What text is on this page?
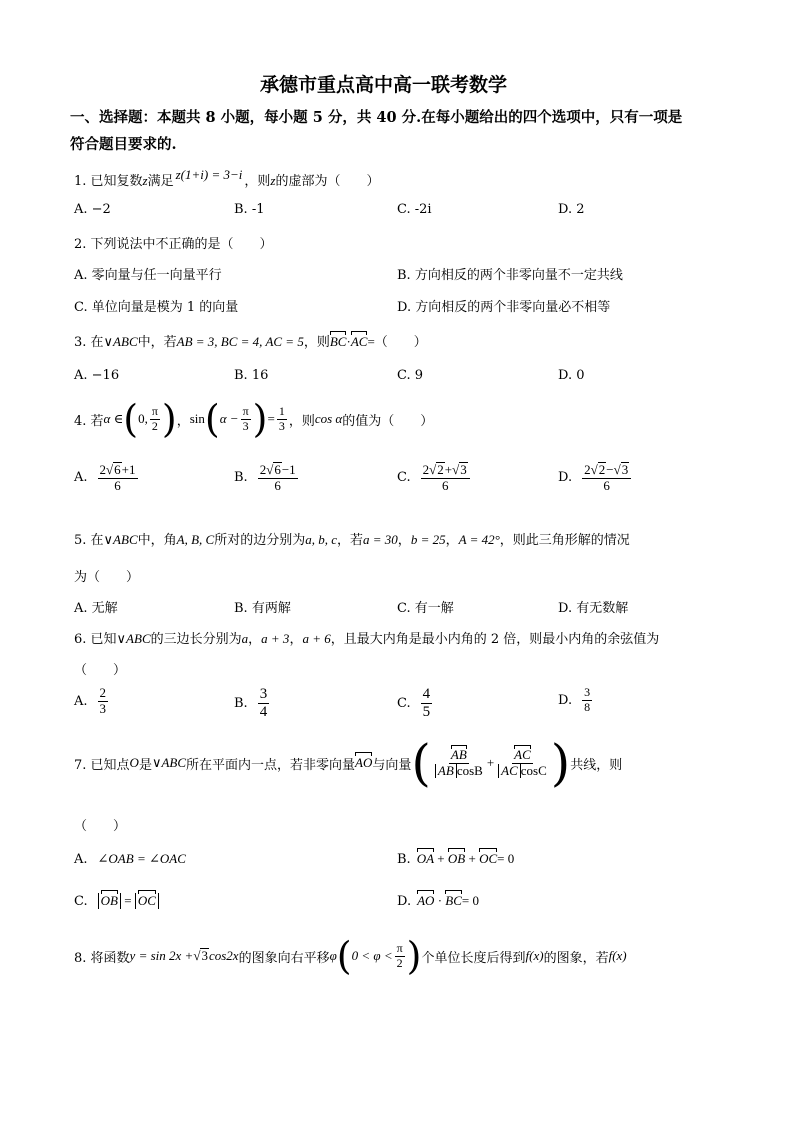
承德市重点高中高一联考数学
一、选择题：本题共 8 小题，每小题 5 分，共 40 分.在每小题给出的四个选项中，只有一项是
符合题目要求的.
1. 已知复数z满足 z(1+i) = 3−i ，则z的虚部为（　　）
A. −2	B. -1	C. -2i	D. 2
2. 下列说法中不正确的是（　　）
A. 零向量与任一向量平行	B. 方向相反的两个非零向量不一定共线
C. 单位向量是模为 1 的向量	D. 方向相反的两个非零向量必不相等
3. 在∨ABC中，若AB = 3, BC = 4, AC = 5，则BC·AC=（　　）
A. −16	B. 16	C. 9	D. 0
4. 若 α ∈ ( 0, $\frac{\pi}{2}$ ) ， sin ( $\alpha - \frac{\pi}{3}$ ) = $\frac{1}{3}$ ，则 cos α 的值为（　　）
A. $\frac{2√6+1}{6}$	B. $\frac{2√6-1}{6}$	C. $\frac{2√2+√3}{6}$	D. $\frac{2√2-√3}{6}$
5. 在∨ABC中，角A, B, C所对的边分别为a, b, c，若a = 30，b = 25，A = 42°，则此三角形解的情况
为（　　）
A. 无解	B. 有两解	C. 有一解	D. 有无数解
6. 已知∨ABC的三边长分别为a，a + 3，a + 6，且最大内角是最小内角的 2 倍，则最小内角的余弦值为
（　　）
A. $\frac{2}{3}$	B. $\frac{3}{4}$	C. $\frac{4}{5}$	D. $\frac{3}{8}$
7. 已知点 O 是 ∨ABC 所在平面内一点，若非零向量 AO 与向量 ( $\frac{AB}{\text{AB cosB}} + \frac{AC}{\text{AC cosC}}$ ) 共线，则
（　　）
A. ∠OAB = ∠OAC	B. OA + OB + OC= 0
C. OB = OC	D. AO · BC= 0
8. 将函数 y = sin 2x + √ 3 cos2x 的图象向右平移 φ ( $0 < \varphi < \frac{\pi}{2}$ ) 个单位长度后得到 f(x) 的图象，若 f(x)
